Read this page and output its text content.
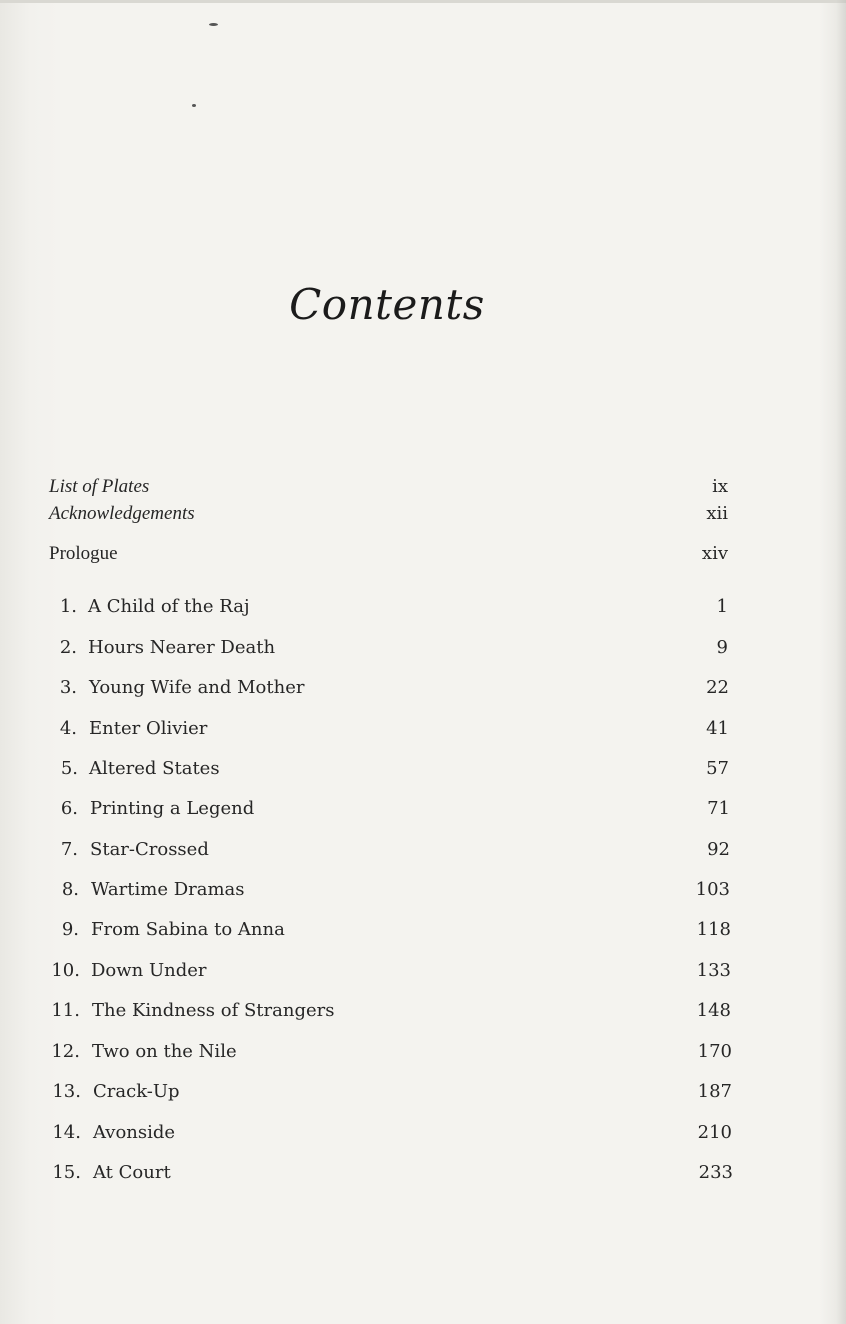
Contents
List of Plates	ix
Acknowledgements	xii
Prologue	xiv
1. A Child of the Raj	1
2. Hours Nearer Death	9
3. Young Wife and Mother	22
4. Enter Olivier	41
5. Altered States	57
6. Printing a Legend	71
7. Star-Crossed	92
8. Wartime Dramas	103
9. From Sabina to Anna	118
10. Down Under	133
11. The Kindness of Strangers	148
12. Two on the Nile	170
13. Crack-Up	187
14. Avonside	210
15. At Court	233
